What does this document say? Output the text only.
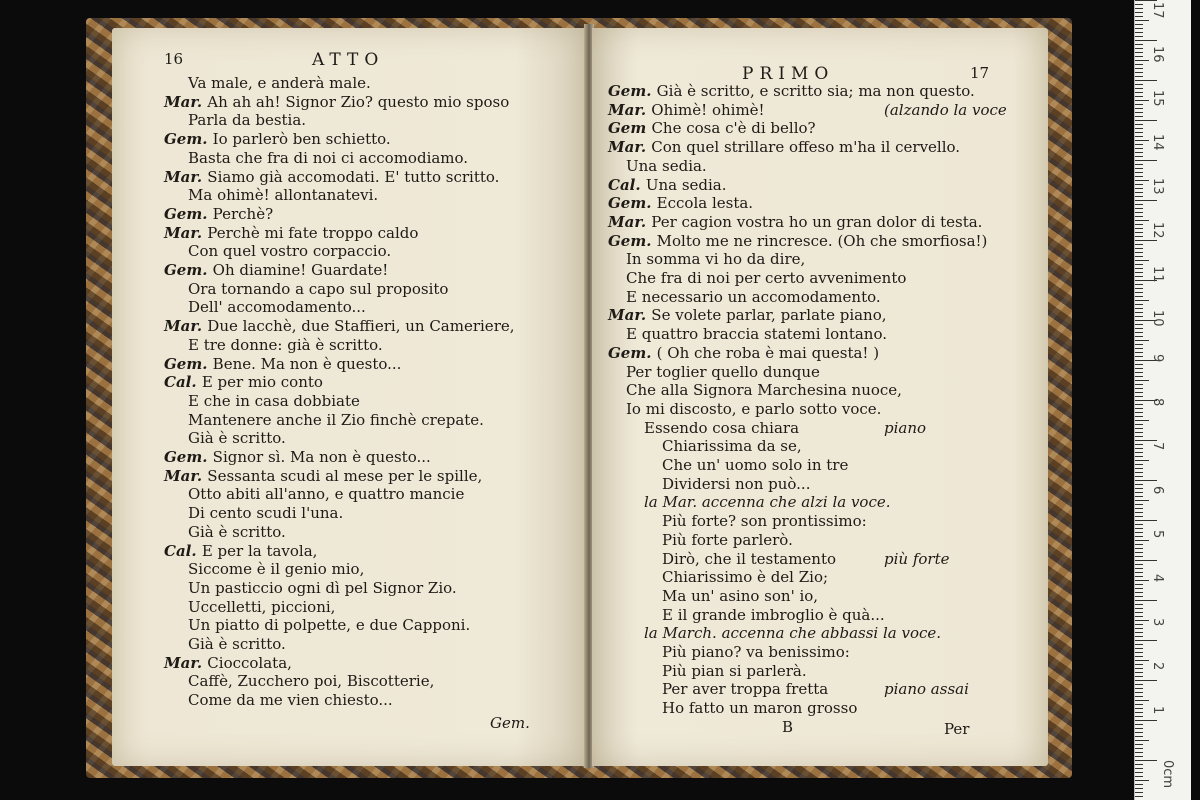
16	ATTO
Gem.
Va male, e anderà male.
Mar. Ah ah ah! Signor Zio? questo mio sposo
Parla da bestia.
Gem. Io parlerò ben schietto.
Basta che fra di noi ci accomodiamo.
Mar. Siamo già accomodati. E' tutto scritto.
Ma ohimè! allontanatevi.
Gem. Perchè?
Mar. Perchè mi fate troppo caldo
Con quel vostro corpaccio.
Gem. Oh diamine! Guardate!
Ora tornando a capo sul proposito
Dell' accomodamento...
Mar. Due lacchè, due Staffieri, un Cameriere,
E tre donne: già è scritto.
Gem. Bene. Ma non è questo...
Cal. E per mio conto
E che in casa dobbiate
Mantenere anche il Zio finchè crepate.
Già è scritto.
Gem. Signor sì. Ma non è questo...
Mar. Sessanta scudi al mese per le spille,
Otto abiti all'anno, e quattro mancie
Di cento scudi l'una.
Già è scritto.
Cal. E per la tavola,
Siccome è il genio mio,
Un pasticcio ogni dì pel Signor Zio.
Uccelletti, piccioni,
Un piatto di polpette, e due Capponi.
Già è scritto.
Mar. Cioccolata,
Caffè, Zucchero poi, Biscotterie,
Come da me vien chiesto...
PRIMO	17
B	Per
Gem. Già è scritto, e scritto sia; ma non questo.
Mar. Ohimè! ohimè!	(alzando la voce
Gem Che cosa c'è di bello?
Mar. Con quel strillare offeso m'ha il cervello.
Una sedia.
Cal. Una sedia.
Gem. Eccola lesta.
Mar. Per cagion vostra ho un gran dolor di testa.
Gem. Molto me ne rincresce. (Oh che smorfiosa!)
In somma vi ho da dire,
Che fra di noi per certo avvenimento
E necessario un accomodamento.
Mar. Se volete parlar, parlate piano,
E quattro braccia statemi lontano.
Gem. ( Oh che roba è mai questa! )
Per toglier quello dunque
Che alla Signora Marchesina nuoce,
Io mi discosto, e parlo sotto voce.
Essendo cosa chiara	piano
Chiarissima da se,
Che un' uomo solo in tre
Dividersi non può...
la Mar. accenna che alzi la voce.
Più forte? son prontissimo:
Più forte parlerò.
Dirò, che il testamento	più forte
Chiarissimo è del Zio;
Ma un' asino son' io,
E il grande imbroglio è quà...
la March. accenna che abbassi la voce.
Più piano? va benissimo:
Più pian si parlerà.
Per aver troppa fretta	piano assai
Ho fatto un maron grosso
0cm
17
16
15
14
13
12
11
10
9
8
7
6
5
4
3
2
1
